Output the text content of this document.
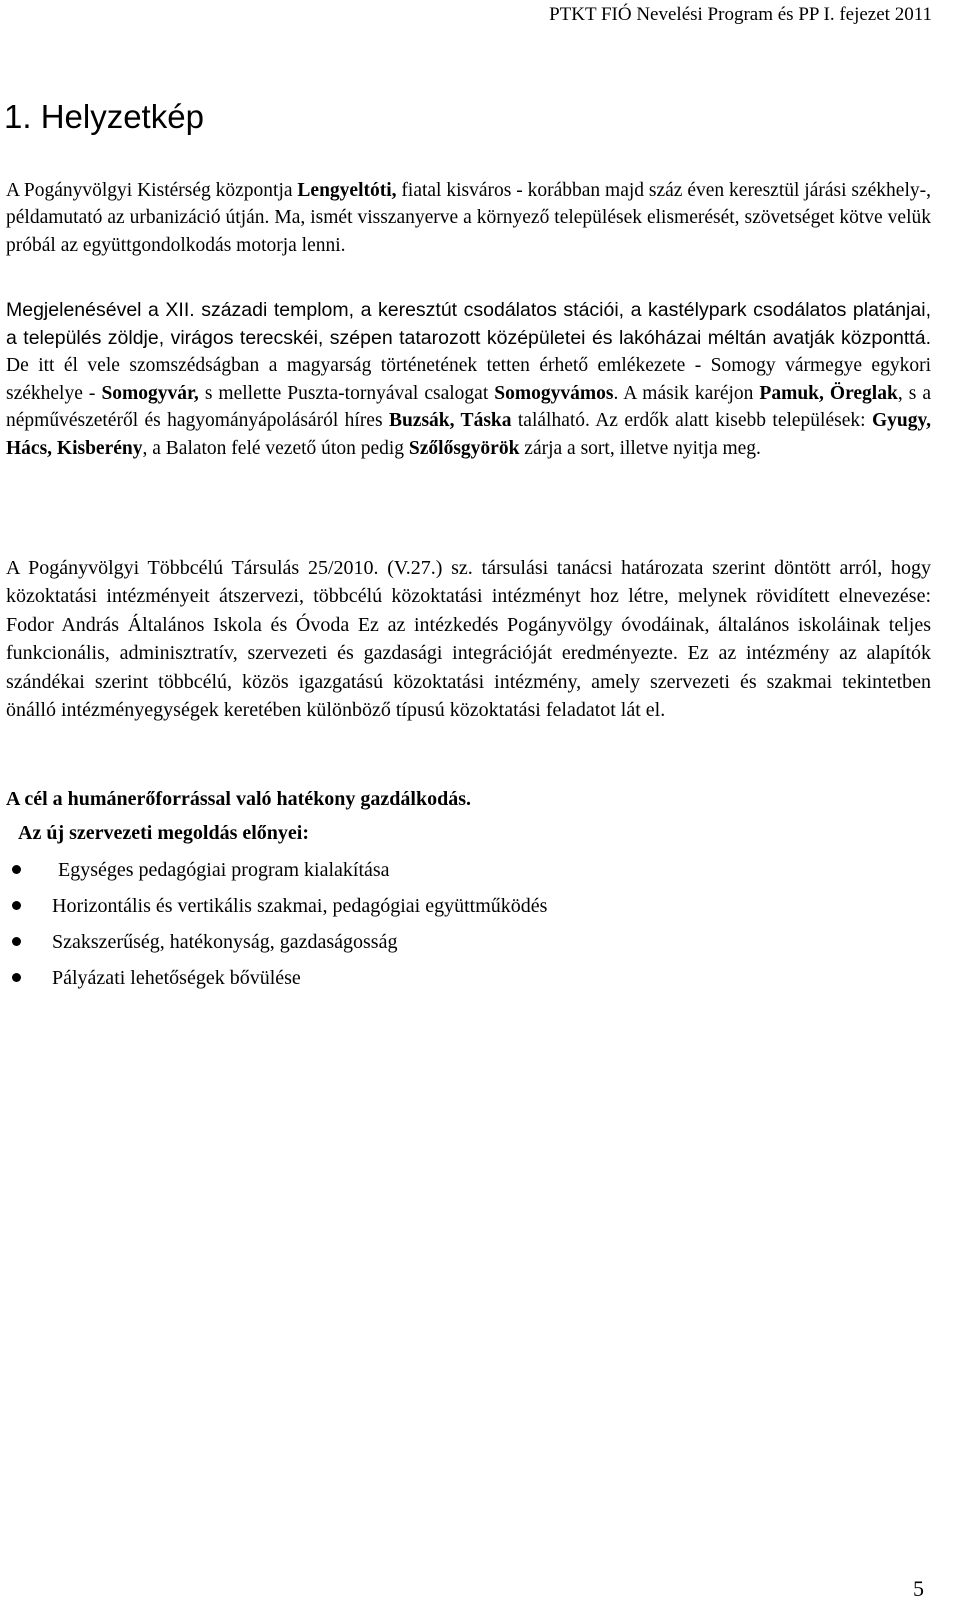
PTKT FIÓ Nevelési Program és PP I. fejezet 2011
1. Helyzetkép

A Pogányvölgyi Kistérség központja Lengyeltóti, fiatal kisváros - korábban majd száz éven keresztül járási székhely-, példamutató az urbanizáció útján. Ma, ismét visszanyerve a környező települések elismerését, szövetséget kötve velük próbál az együttgondolkodás motorja lenni.

Megjelenésével a XII. századi templom, a keresztút csodálatos stációi, a kastélypark csodálatos platánjai, a település zöldje, virágos terecskéi, szépen tatarozott középületei és lakóházai méltán avatják központtá. De itt él vele szomszédságban a magyarság történetének tetten érhető emlékezete - Somogy vármegye egykori székhelye - Somogyvár, s mellette Puszta-tornyával csalogat Somogyvámos. A másik karéjon Pamuk, Öreglak, s a népművészetéről és hagyományápolásáról híres Buzsák, Táska található. Az erdők alatt kisebb települések: Gyugy, Hács, Kisberény, a Balaton felé vezető úton pedig Szőlősgyörök zárja a sort, illetve nyitja meg.

A Pogányvölgyi Többcélú Társulás 25/2010. (V.27.) sz. társulási tanácsi határozata szerint döntött arról, hogy közoktatási intézményeit átszervezi, többcélú közoktatási intézményt hoz létre, melynek rövidített elnevezése: Fodor András Általános Iskola és Óvoda Ez az intézkedés Pogányvölgy óvodáinak, általános iskoláinak teljes funkcionális, adminisztratív, szervezeti és gazdasági integrációját eredményezte. Ez az intézmény az alapítók szándékai szerint többcélú, közös igazgatású közoktatási intézmény, amely szervezeti és szakmai tekintetben önálló intézményegységek keretében különböző típusú közoktatási feladatot lát el.

A cél a humánerőforrással való hatékony gazdálkodás.

Az új szervezeti megoldás előnyei:

Egységes pedagógiai program kialakítása
Horizontális és vertikális szakmai, pedagógiai együttműködés
Szakszerűség, hatékonyság, gazdaságosság
Pályázati lehetőségek bővülése
5
